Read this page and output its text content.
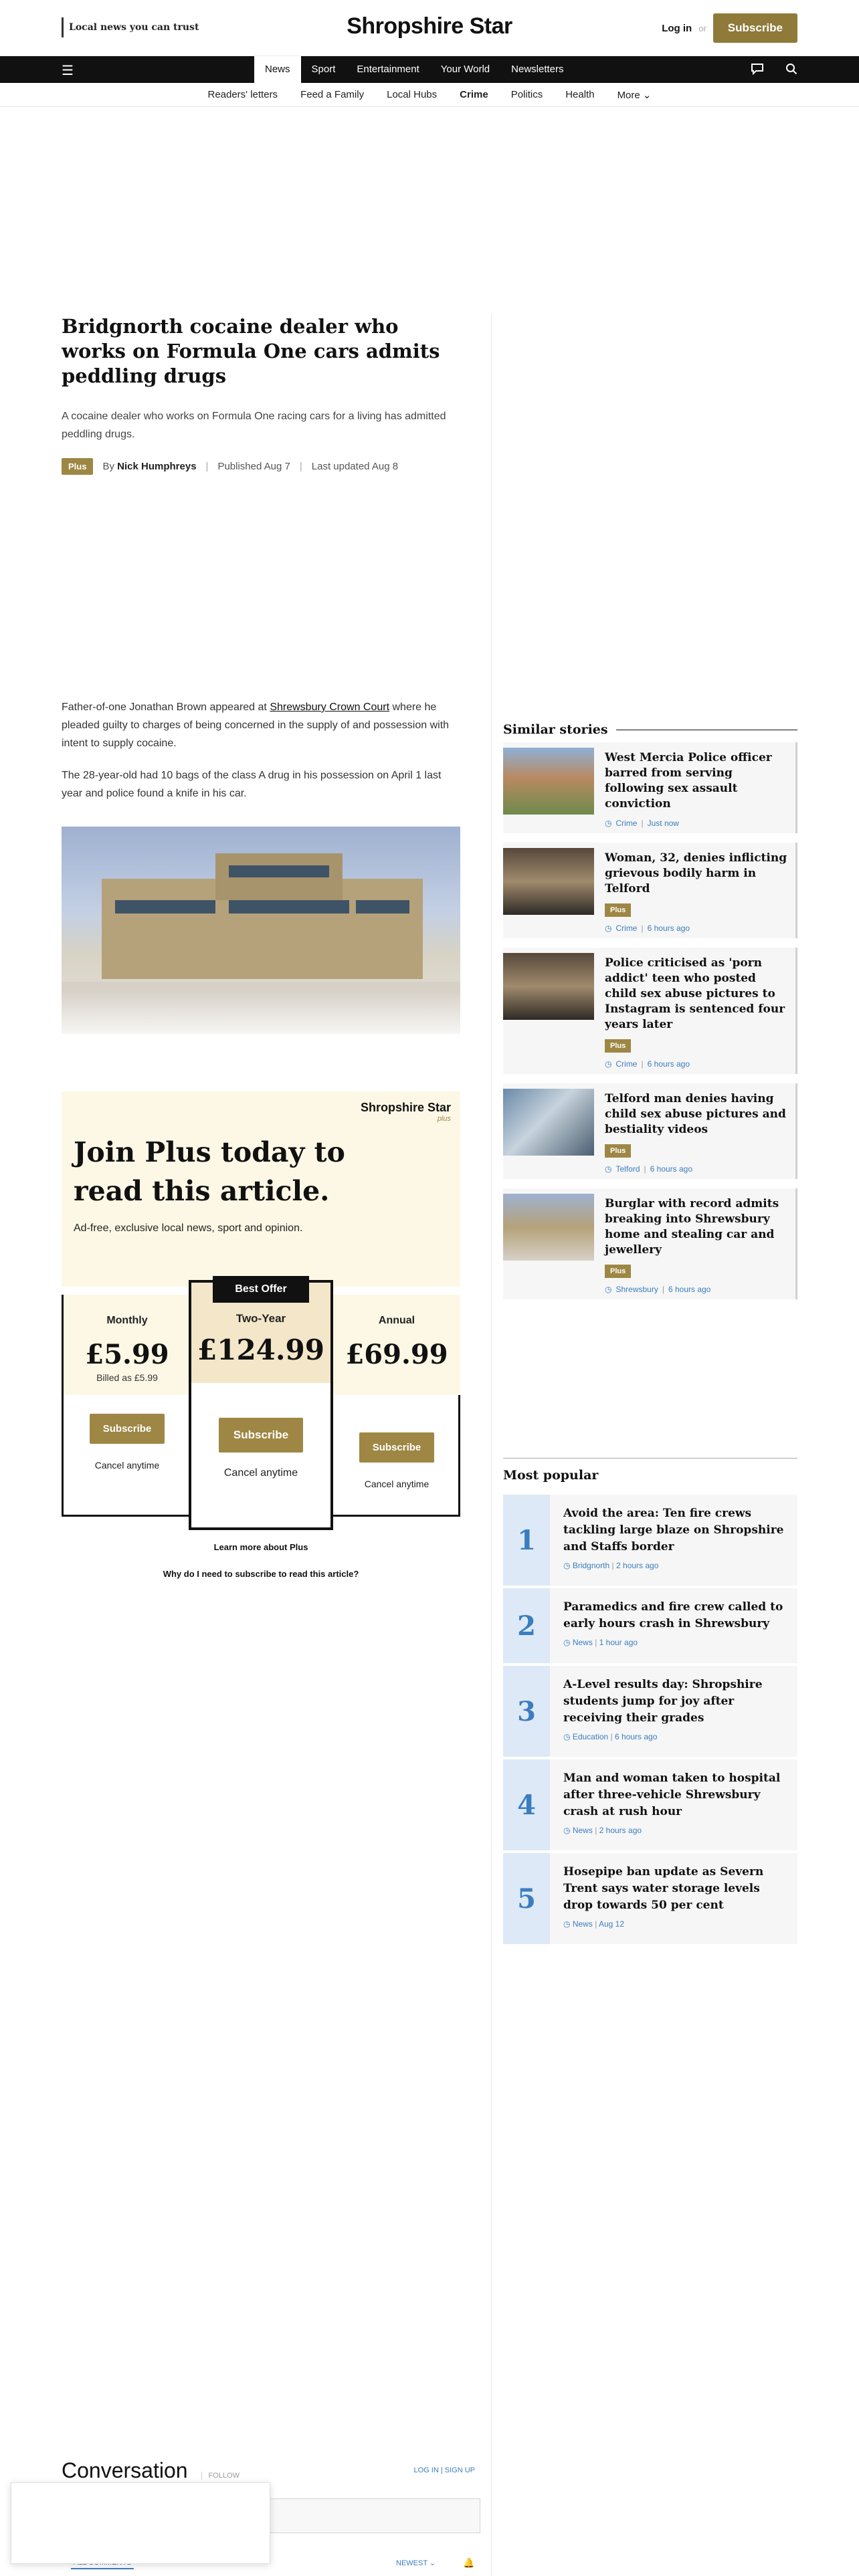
Local news you can trust	Shropshire Star	Log in or	Subscribe
☰	News	Sport	Entertainment	Your World	Newsletters
Readers' letters Feed a Family Local Hubs Crime Politics Health More ⌄
Bridgnorth cocaine dealer who works on Formula One cars admits peddling drugs

A cocaine dealer who works on Formula One racing cars for a living has admitted peddling drugs.

Plus	By Nick Humphreys | Published Aug 7 | Last updated Aug 8

Father-of-one Jonathan Brown appeared at Shrewsbury Crown Court where he pleaded guilty to charges of being concerned in the supply of and possession with intent to supply cocaine.

The 28-year-old had 10 bags of the class A drug in his possession on April 1 last year and police found a knife in his car.

Shropshire Star
plus
Join Plus today to read this article.
Ad-free, exclusive local news, sport and opinion.
Monthly
£5.99
Billed as £5.99
Subscribe
Cancel anytime
Best Offer
Two-Year
£124.99
Subscribe
Cancel anytime
Annual
£69.99
Subscribe
Cancel anytime
Learn more about Plus
Why do I need to subscribe to read this article?
Similar stories
West Mercia Police officer barred from serving following sex assault conviction
◷ Crime | Just now
Woman, 32, denies inflicting grievous bodily harm in Telford
Plus
◷ Crime | 6 hours ago
Police criticised as 'porn addict' teen who posted child sex abuse pictures to Instagram is sentenced four years later
Plus
◷ Crime | 6 hours ago
Telford man denies having child sex abuse pictures and bestiality videos
Plus
◷ Telford | 6 hours ago
Burglar with record admits breaking into Shrewsbury home and stealing car and jewellery
Plus
◷ Shrewsbury | 6 hours ago
Most popular
1
Avoid the area: Ten fire crews tackling large blaze on Shropshire and Staffs border
◷ Bridgnorth | 2 hours ago
2
Paramedics and fire crew called to early hours crash in Shrewsbury
◷ News | 1 hour ago
3
A-Level results day: Shropshire students jump for joy after receiving their grades
◷ Education | 6 hours ago
4
Man and woman taken to hospital after three-vehicle Shrewsbury crash at rush hour
◷ News | 2 hours ago
5
Hosepipe ban update as Severn Trent says water storage levels drop towards 50 per cent
◷ News | Aug 12
Conversation	FOLLOW
LOG IN | SIGN UP
NEWEST ⌄	🔔
